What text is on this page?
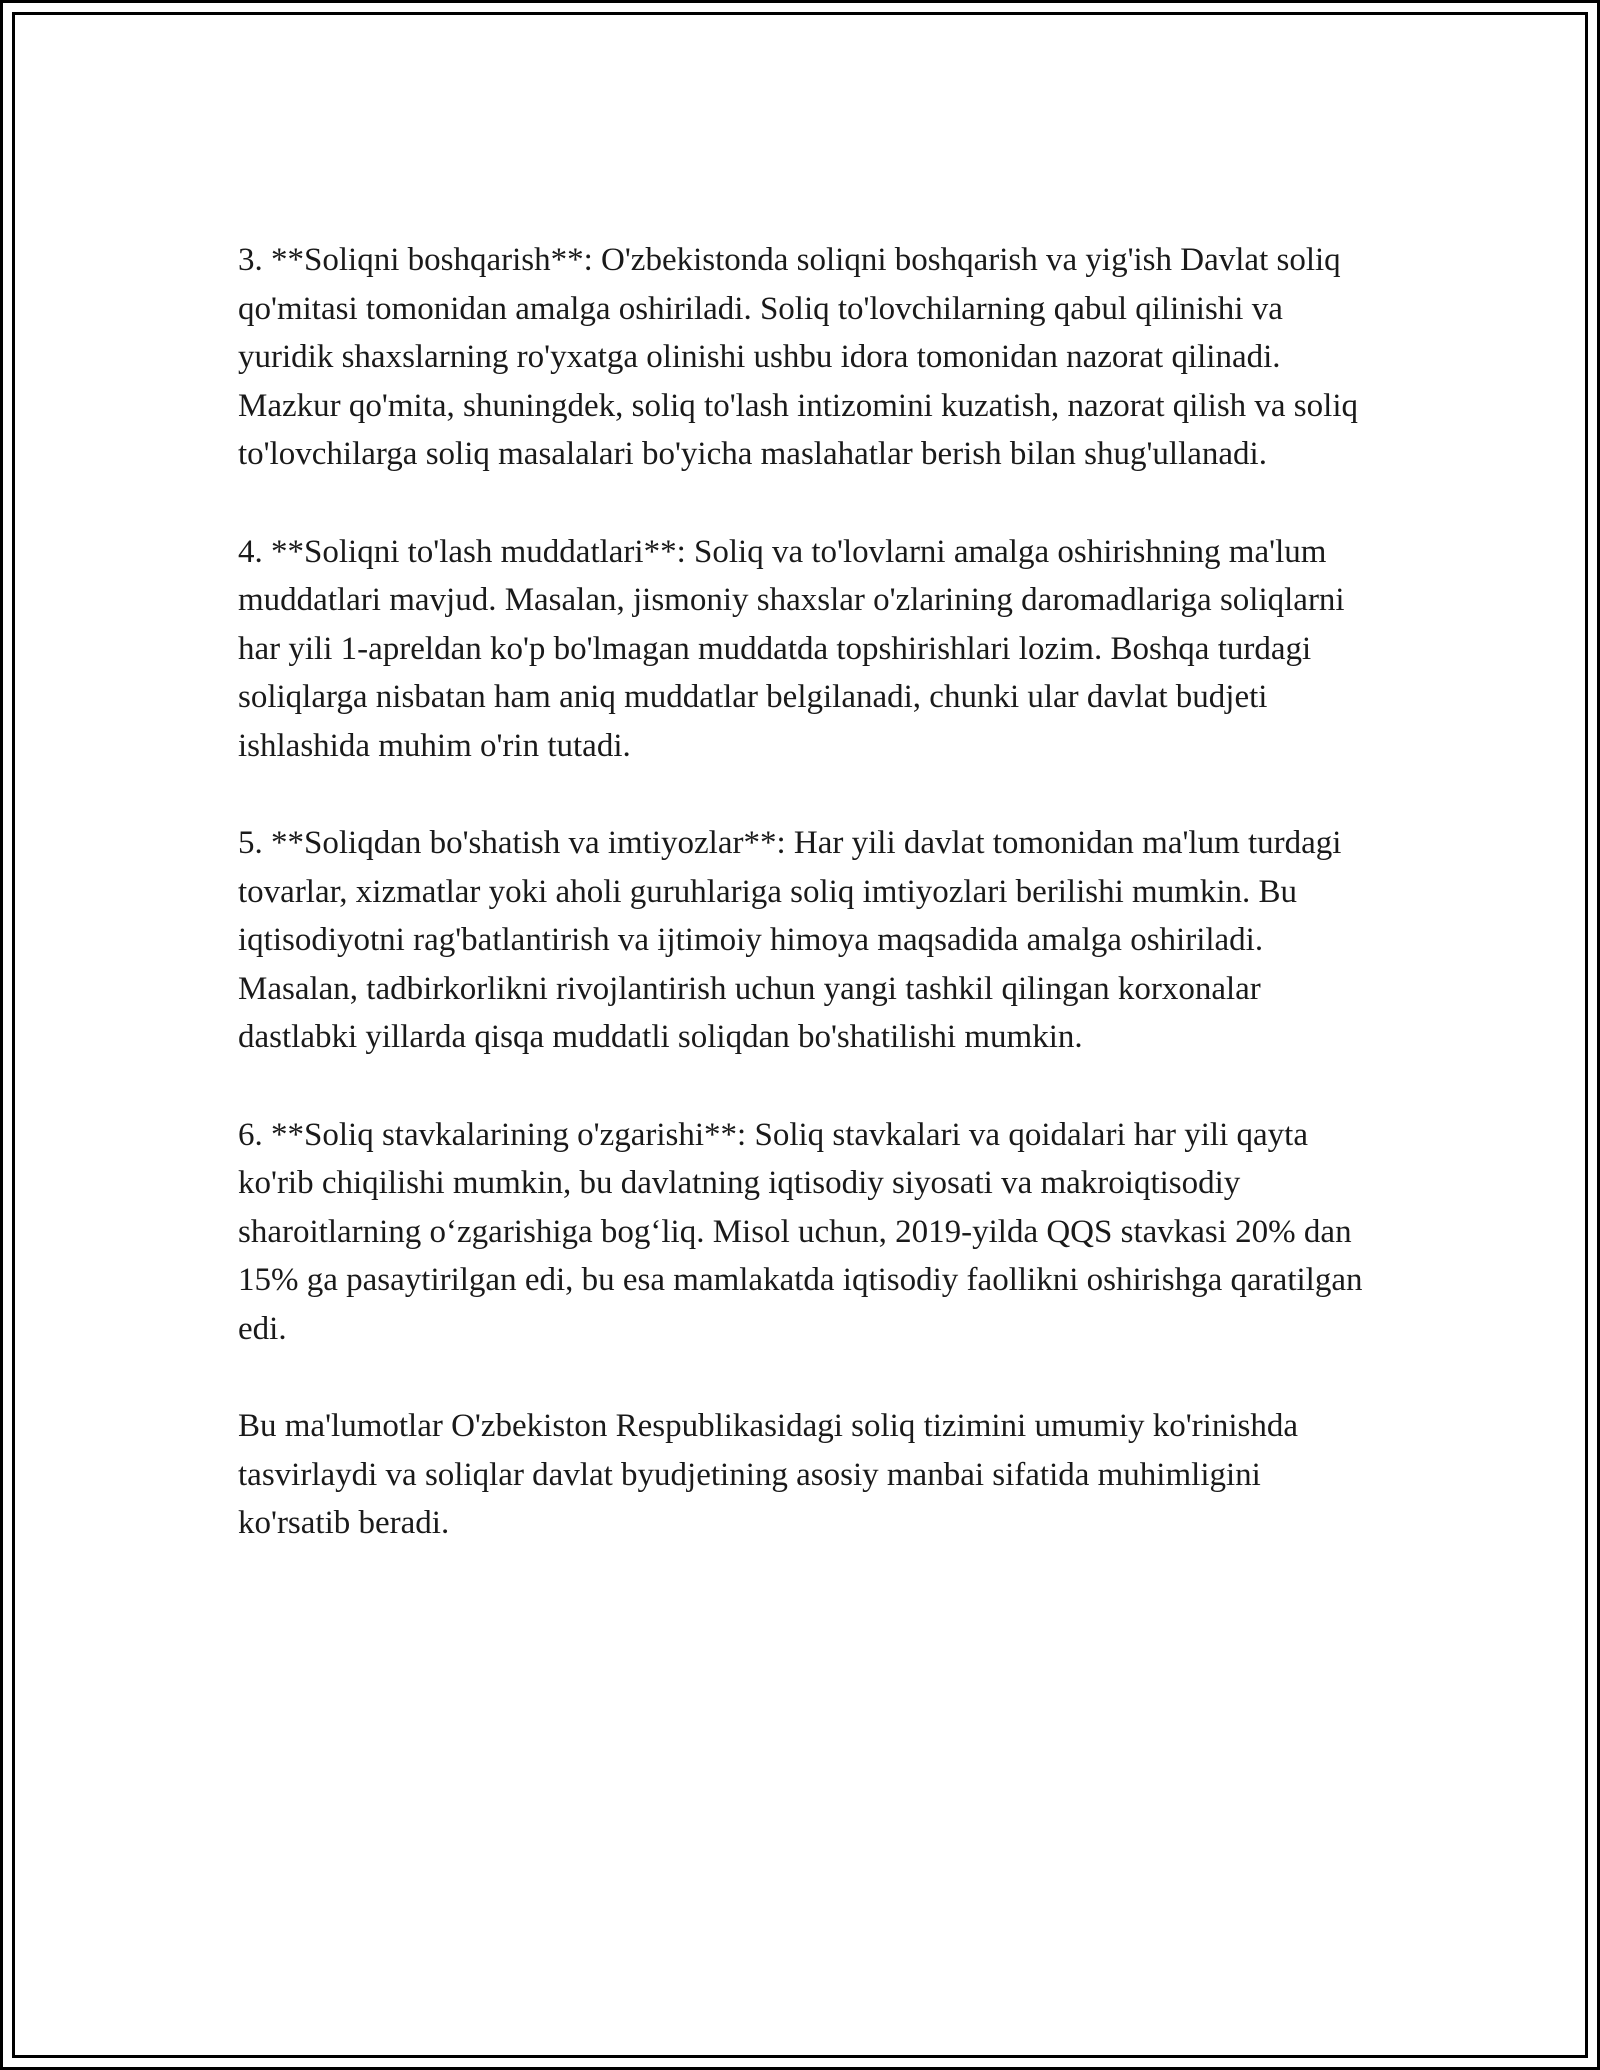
3. **Soliqni boshqarish**: O'zbekistonda soliqni boshqarish va yig'ish Davlat soliq qo'mitasi tomonidan amalga oshiriladi. Soliq to'lovchilarning qabul qilinishi va yuridik shaxslarning ro'yxatga olinishi ushbu idora tomonidan nazorat qilinadi. Mazkur qo'mita, shuningdek, soliq to'lash intizomini kuzatish, nazorat qilish va soliq to'lovchilarga soliq masalalari bo'yicha maslahatlar berish bilan shug'ullanadi.

4. **Soliqni to'lash muddatlari**: Soliq va to'lovlarni amalga oshirishning ma'lum muddatlari mavjud. Masalan, jismoniy shaxslar o'zlarining daromadlariga soliqlarni har yili 1-apreldan ko'p bo'lmagan muddatda topshirishlari lozim. Boshqa turdagi soliqlarga nisbatan ham aniq muddatlar belgilanadi, chunki ular davlat budjeti ishlashida muhim o'rin tutadi.

5. **Soliqdan bo'shatish va imtiyozlar**: Har yili davlat tomonidan ma'lum turdagi tovarlar, xizmatlar yoki aholi guruhlariga soliq imtiyozlari berilishi mumkin. Bu iqtisodiyotni rag'batlantirish va ijtimoiy himoya maqsadida amalga oshiriladi. Masalan, tadbirkorlikni rivojlantirish uchun yangi tashkil qilingan korxonalar dastlabki yillarda qisqa muddatli soliqdan bo'shatilishi mumkin.

6. **Soliq stavkalarining o'zgarishi**: Soliq stavkalari va qoidalari har yili qayta ko'rib chiqilishi mumkin, bu davlatning iqtisodiy siyosati va makroiqtisodiy sharoitlarning o‘zgarishiga bog‘liq. Misol uchun, 2019-yilda QQS stavkasi 20% dan 15% ga pasaytirilgan edi, bu esa mamlakatda iqtisodiy faollikni oshirishga qaratilgan edi.

Bu ma'lumotlar O'zbekiston Respublikasidagi soliq tizimini umumiy ko'rinishda tasvirlaydi va soliqlar davlat byudjetining asosiy manbai sifatida muhimligini ko'rsatib beradi.
